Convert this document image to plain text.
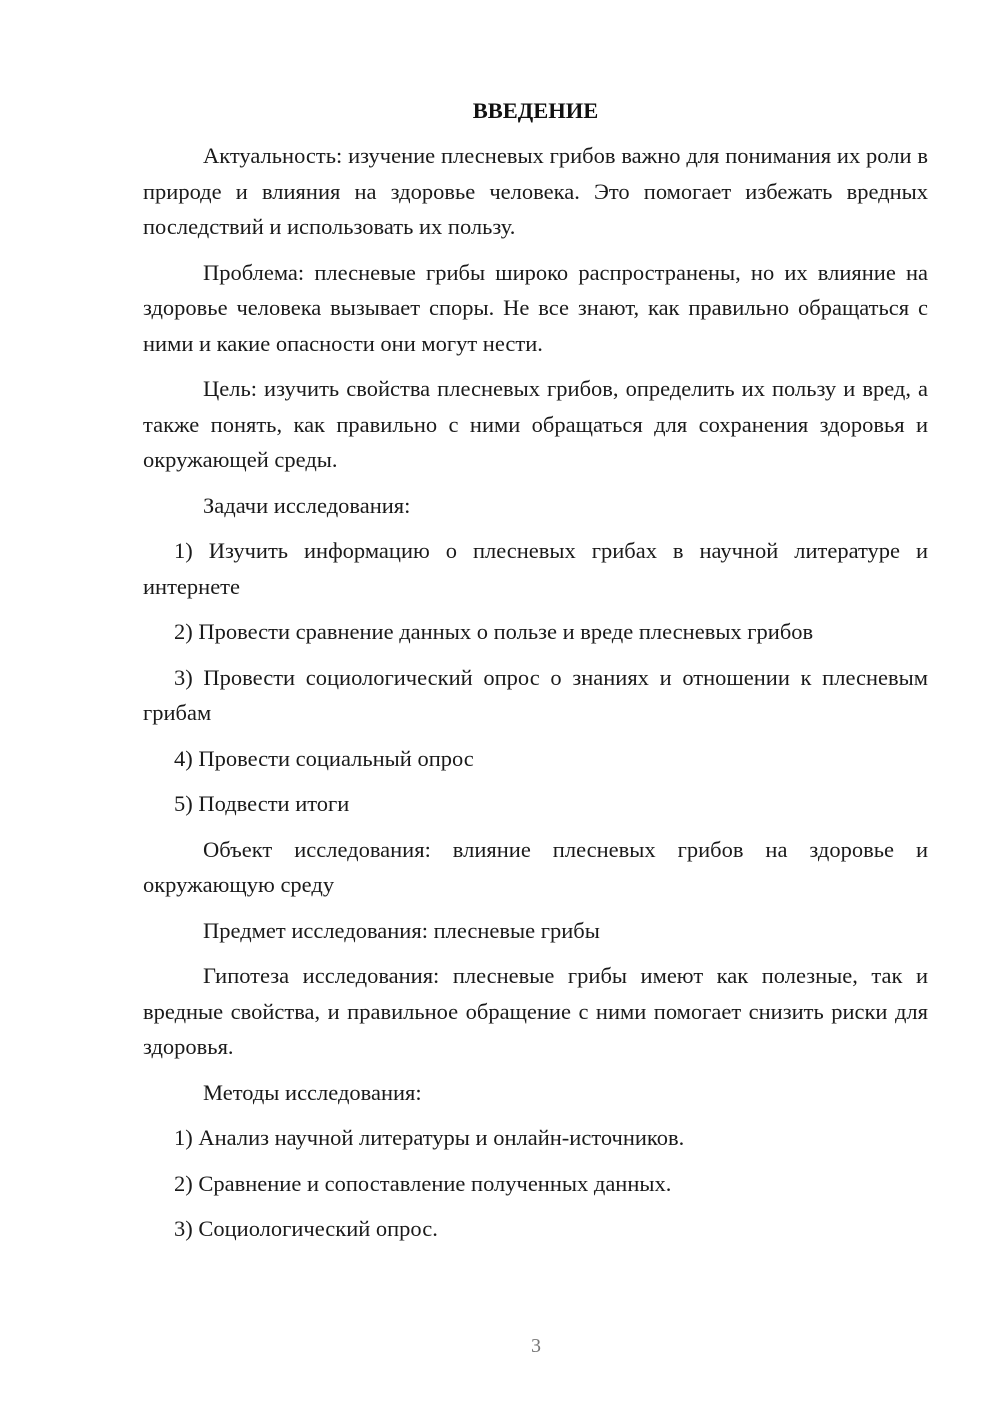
ВВЕДЕНИЕ

Актуальность: изучение плесневых грибов важно для понимания их роли в природе и влияния на здоровье человека. Это помогает избежать вредных последствий и использовать их пользу.

Проблема: плесневые грибы широко распространены, но их влияние на здоровье человека вызывает споры. Не все знают, как правильно обращаться с ними и какие опасности они могут нести.

Цель: изучить свойства плесневых грибов, определить их пользу и вред, а также понять, как правильно с ними обращаться для сохранения здоровья и окружающей среды.

Задачи исследования:

1) Изучить информацию о плесневых грибах в научной литературе и интернете

2) Провести сравнение данных о пользе и вреде плесневых грибов

3) Провести социологический опрос о знаниях и отношении к плесневым грибам

4) Провести социальный опрос

5) Подвести итоги

Объект исследования: влияние плесневых грибов на здоровье и окружающую среду

Предмет исследования: плесневые грибы

Гипотеза исследования: плесневые грибы имеют как полезные, так и вредные свойства, и правильное обращение с ними помогает снизить риски для здоровья.

Методы исследования:

1) Анализ научной литературы и онлайн-источников.

2) Сравнение и сопоставление полученных данных.

3) Социологический опрос.

3
